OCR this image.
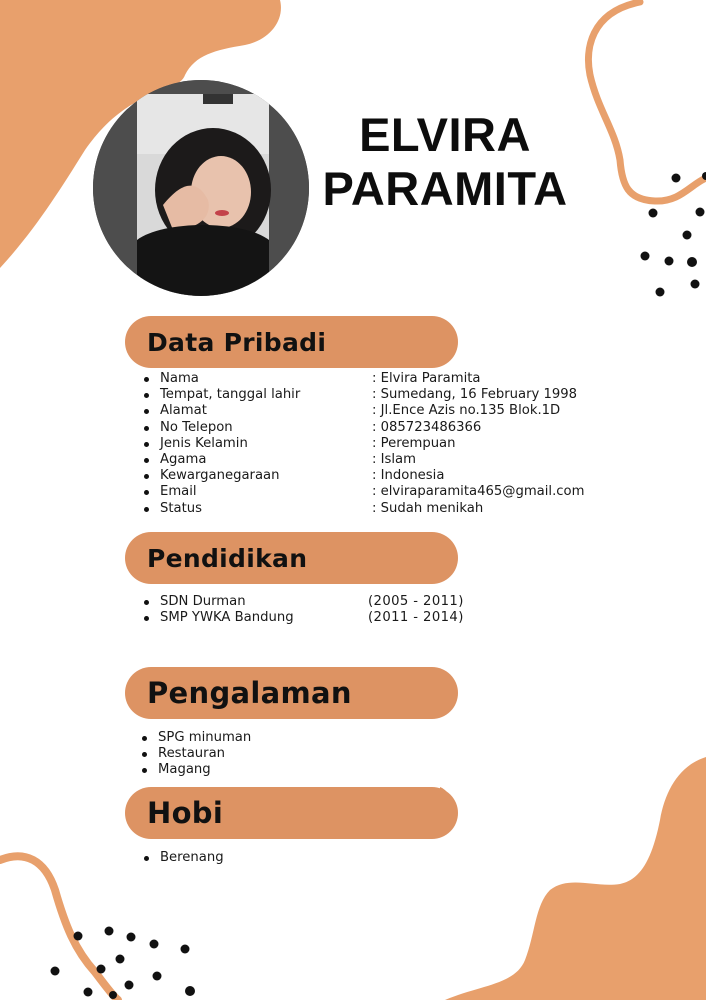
ELVIRA
PARAMITA
Data Pribadi
Nama	: Elvira Paramita
Tempat, tanggal lahir	: Sumedang, 16 February 1998
Alamat	: Jl.Ence Azis no.135 Blok.1D
No Telepon	: 085723486366
Jenis Kelamin	: Perempuan
Agama	: Islam
Kewarganegaraan	: Indonesia
Email	: elviraparamita465@gmail.com
Status	: Sudah menikah
Pendidikan
SDN Durman	(2005 - 2011)
SMP YWKA Bandung	(2011 - 2014)
Pengalaman
SPG minuman
Restauran
Magang
Hobi
Berenang
